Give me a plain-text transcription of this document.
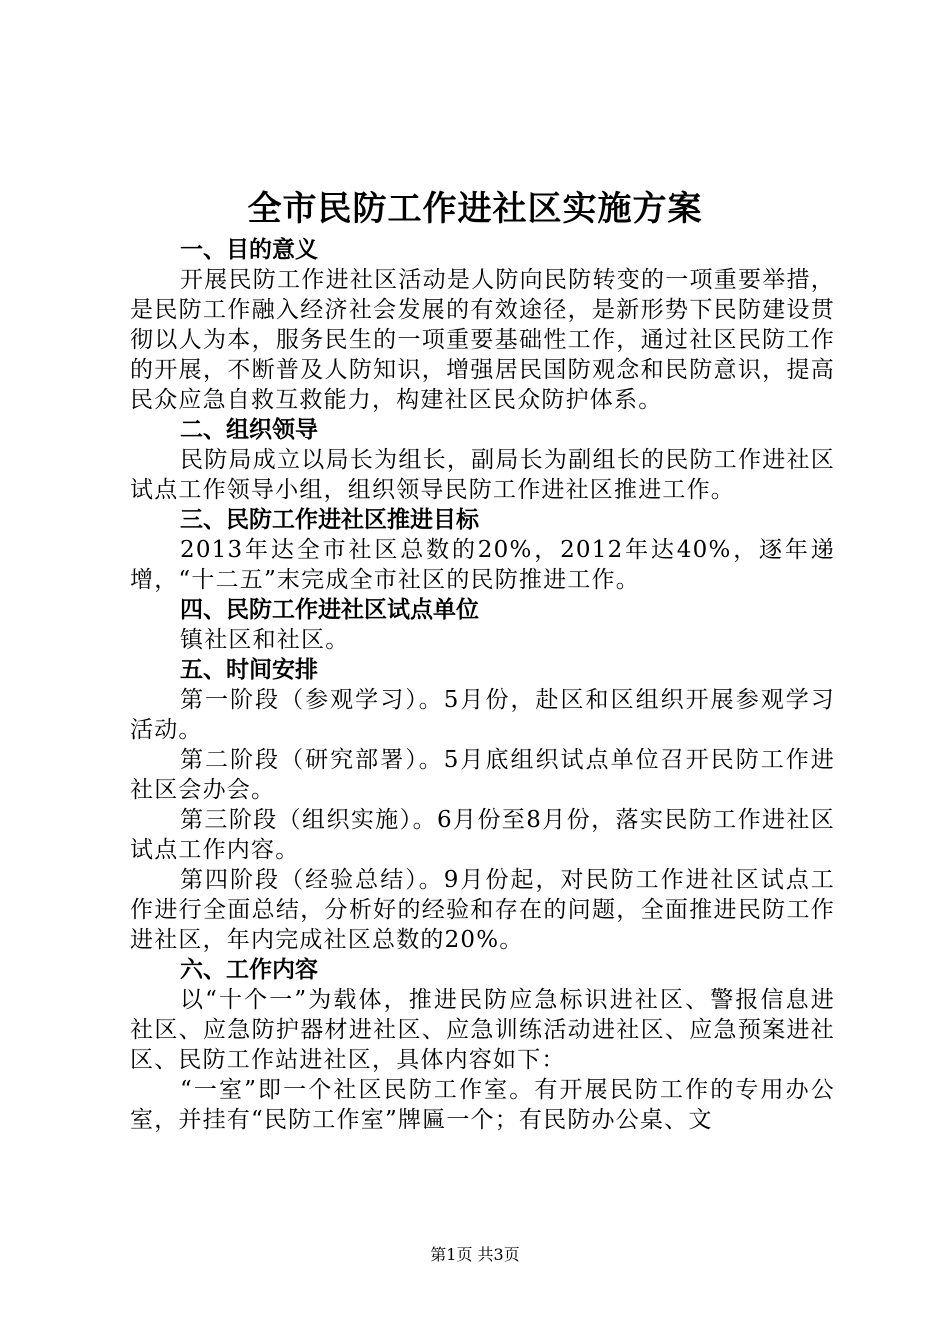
全市民防工作进社区实施方案
一、目的意义

开展民防工作进社区活动是人防向民防转变的一项重要举措，是民防工作融入经济社会发展的有效途径，是新形势下民防建设贯彻以人为本，服务民生的一项重要基础性工作，通过社区民防工作的开展，不断普及人防知识，增强居民国防观念和民防意识，提高民众应急自救互救能力，构建社区民众防护体系。

二、组织领导

民防局成立以局长为组长，副局长为副组长的民防工作进社区试点工作领导小组，组织领导民防工作进社区推进工作。

三、民防工作进社区推进目标

2013年达全市社区总数的20%，2012年达40%，逐年递增，“十二五”末完成全市社区的民防推进工作。

四、民防工作进社区试点单位

镇社区和社区。

五、时间安排

第一阶段（参观学习）。5月份，赴区和区组织开展参观学习活动。

第二阶段（研究部署）。5月底组织试点单位召开民防工作进社区会办会。

第三阶段（组织实施）。6月份至8月份，落实民防工作进社区试点工作内容。

第四阶段（经验总结）。9月份起，对民防工作进社区试点工作进行全面总结，分析好的经验和存在的问题，全面推进民防工作进社区，年内完成社区总数的20%。

六、工作内容

以“十个一”为载体，推进民防应急标识进社区、警报信息进社区、应急防护器材进社区、应急训练活动进社区、应急预案进社区、民防工作站进社区，具体内容如下：

“一室”即一个社区民防工作室。有开展民防工作的专用办公室，并挂有“民防工作室”牌匾一个；有民防办公桌、文

第1页 共3页
